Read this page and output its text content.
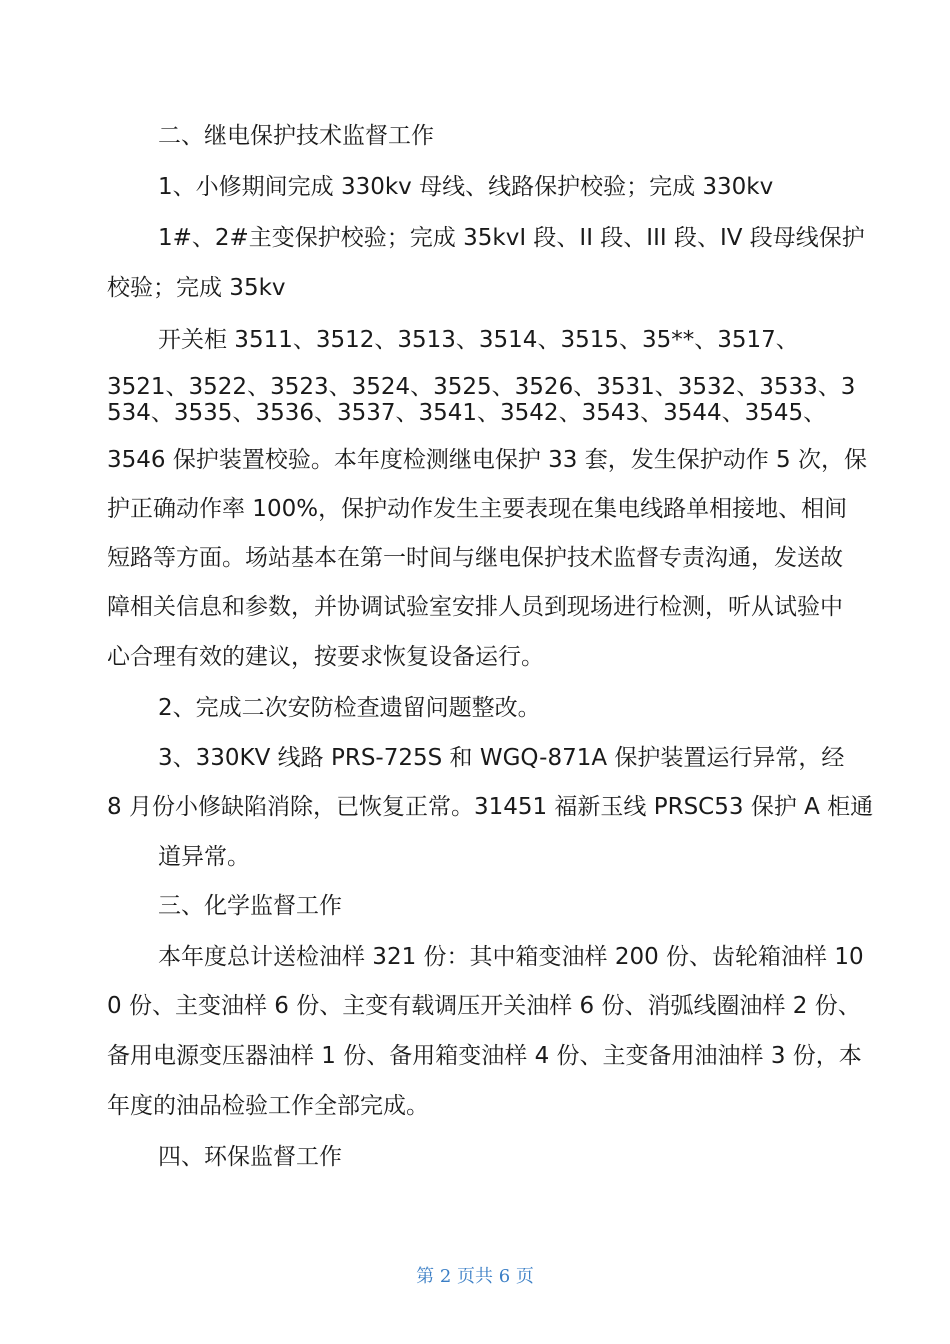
二、继电保护技术监督工作
1、小修期间完成 330kv 母线、线路保护校验；完成 330kv
1#、2#主变保护校验；完成 35kvI 段、II 段、III 段、IV 段母线保护
校验；完成 35kv
开关柜 3511、3512、3513、3514、3515、35**、3517、
3521、3522、3523、3524、3525、3526、3531、3532、3533、3
534、3535、3536、3537、3541、3542、3543、3544、3545、
3546 保护装置校验。本年度检测继电保护 33 套，发生保护动作 5 次，保
护正确动作率 100%，保护动作发生主要表现在集电线路单相接地、相间
短路等方面。场站基本在第一时间与继电保护技术监督专责沟通，发送故
障相关信息和参数，并协调试验室安排人员到现场进行检测，听从试验中
心合理有效的建议，按要求恢复设备运行。
2、完成二次安防检查遗留问题整改。
3、330KV 线路 PRS-725S 和 WGQ-871A 保护装置运行异常，经
8 月份小修缺陷消除，已恢复正常。31451 福新玉线 PRSC53 保护 A 柜通
道异常。
三、化学监督工作
本年度总计送检油样 321 份：其中箱变油样 200 份、齿轮箱油样 10
0 份、主变油样 6 份、主变有载调压开关油样 6 份、消弧线圈油样 2 份、
备用电源变压器油样 1 份、备用箱变油样 4 份、主变备用油油样 3 份，本
年度的油品检验工作全部完成。
四、环保监督工作
第 2 页共 6 页
